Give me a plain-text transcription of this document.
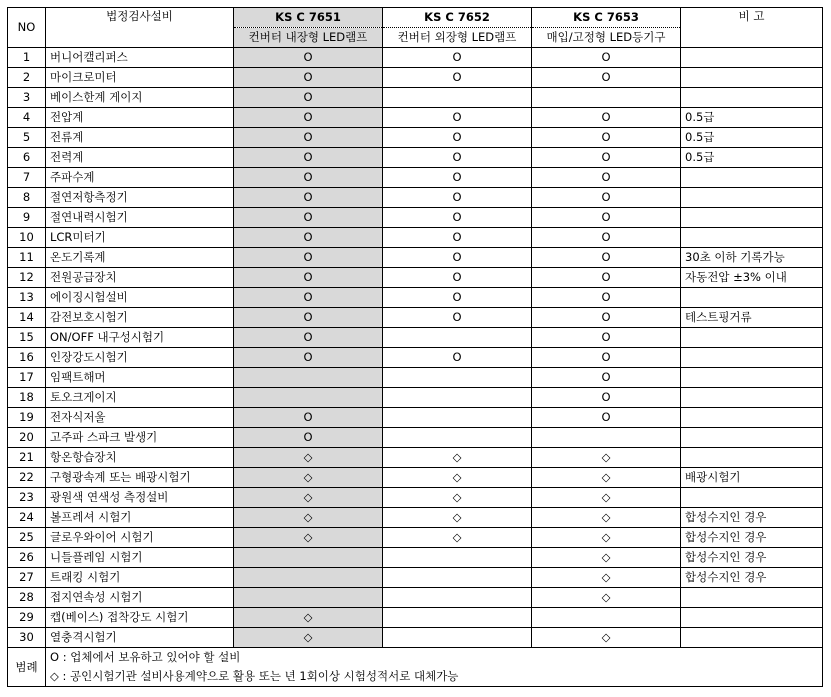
NO	법정검사설비	KS C 7651	KS C 7652	KS C 7653	비 고
		컨버터 내장형 LED램프	컨버터 외장형 LED램프	매입/고정형 LED등기구	
1	버니어캘리퍼스	O	O	O	
2	마이크로미터	O	O	O	
3	베이스한계 게이지	O			
4	전압계	O	O	O	0.5급
5	전류계	O	O	O	0.5급
6	전력계	O	O	O	0.5급
7	주파수계	O	O	O	
8	절연저항측정기	O	O	O	
9	절연내력시험기	O	O	O	
10	LCR미터기	O	O	O	
11	온도기록계	O	O	O	30초 이하 기록가능
12	전원공급장치	O	O	O	자동전압 ±3% 이내
13	에이징시험설비	O	O	O	
14	감전보호시험기	O	O	O	테스트핑거류
15	ON/OFF 내구성시험기	O		O	
16	인장강도시험기	O	O	O	
17	임팩트해머			O	
18	토오크게이지			O	
19	전자식저울	O		O	
20	고주파 스파크 발생기	O			
21	항온항습장치	◇	◇	◇	
22	구형광속계 또는 배광시험기	◇	◇	◇	배광시험기
23	광원색 연색성 측정설비	◇	◇	◇	
24	볼프레셔 시험기	◇	◇	◇	합성수지인 경우
25	글로우와이어 시험기	◇	◇	◇	합성수지인 경우
26	니들플레임 시험기			◇	합성수지인 경우
27	트래킹 시험기			◇	합성수지인 경우
28	접지연속성 시험기			◇	
29	캡(베이스) 접착강도 시험기	◇			
30	열충격시험기	◇		◇	
범례	O : 업체에서 보유하고 있어야 할 설비				
	◇ : 공인시험기관 설비사용계약으로 활용 또는 년 1회이상 시험성적서로 대체가능				
